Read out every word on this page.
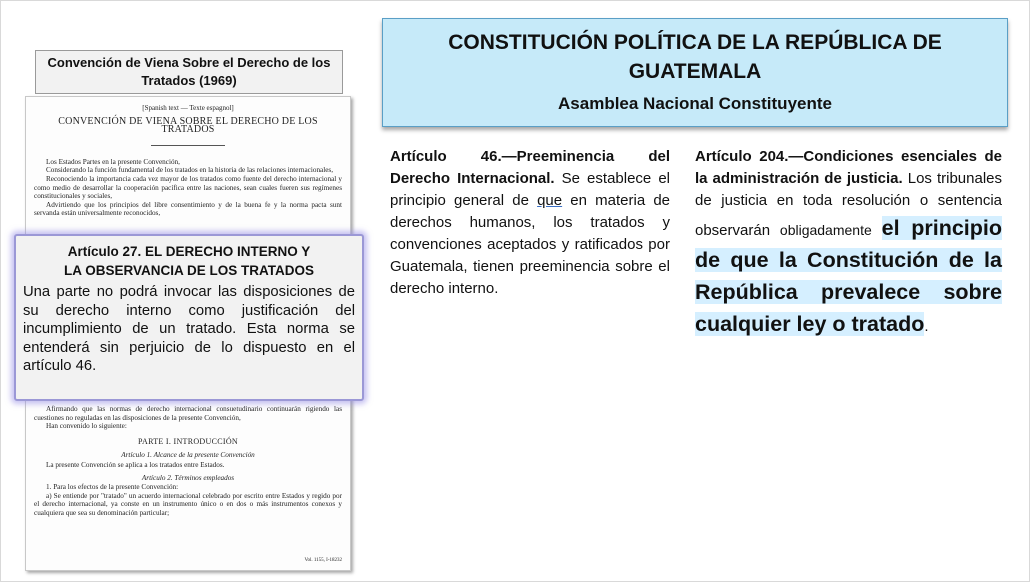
Convención de Viena Sobre el Derecho de los Tratados (1969)
[Spanish text — Texte espagnol]
CONVENCIÓN DE VIENA SOBRE EL DERECHO DE LOS TRATADOS

Los Estados Partes en la presente Convención,

Considerando la función fundamental de los tratados en la historia de las relaciones internacionales,

Reconociendo la importancia cada vez mayor de los tratados como fuente del derecho internacional y como medio de desarrollar la cooperación pacífica entre las naciones, sean cuales fueren sus regímenes constitucionales y sociales,

Advirtiendo que los principios del libre consentimiento y de la buena fe y la norma pacta sunt servanda están universalmente reconocidos,

Afirmando que las normas de derecho internacional consuetudinario continuarán rigiendo las cuestiones no reguladas en las disposiciones de la presente Convención,

Han convenido lo siguiente:

PARTE I. INTRODUCCIÓN
Artículo 1. Alcance de la presente Convención

La presente Convención se aplica a los tratados entre Estados.

Artículo 2. Términos empleados

1. Para los efectos de la presente Convención:

a) Se entiende por "tratado" un acuerdo internacional celebrado por escrito entre Estados y regido por el derecho internacional, ya conste en un instrumento único o en dos o más instrumentos conexos y cualquiera que sea su denominación particular;

Vol. 1155, I-18232
Artículo 27. EL DERECHO INTERNO Y
LA OBSERVANCIA DE LOS TRATADOS
Una parte no podrá invocar las disposiciones de su derecho interno como justificación del incumplimiento de un tratado. Esta norma se entenderá sin perjuicio de lo dispuesto en el artículo 46.
CONSTITUCIÓN POLÍTICA DE LA REPÚBLICA DE GUATEMALA
Asamblea Nacional Constituyente
Artículo 46.—Preeminencia del Derecho Internacional. Se establece el principio general de que en materia de derechos humanos, los tratados y convenciones aceptados y ratificados por Guatemala, tienen preeminencia sobre el derecho interno.
Artículo 204.—Condiciones esenciales de la administración de justicia. Los tribunales de justicia en toda resolución o sentencia observarán obligadamente el principio de que la Constitución de la República prevalece sobre cualquier ley o tratado.
